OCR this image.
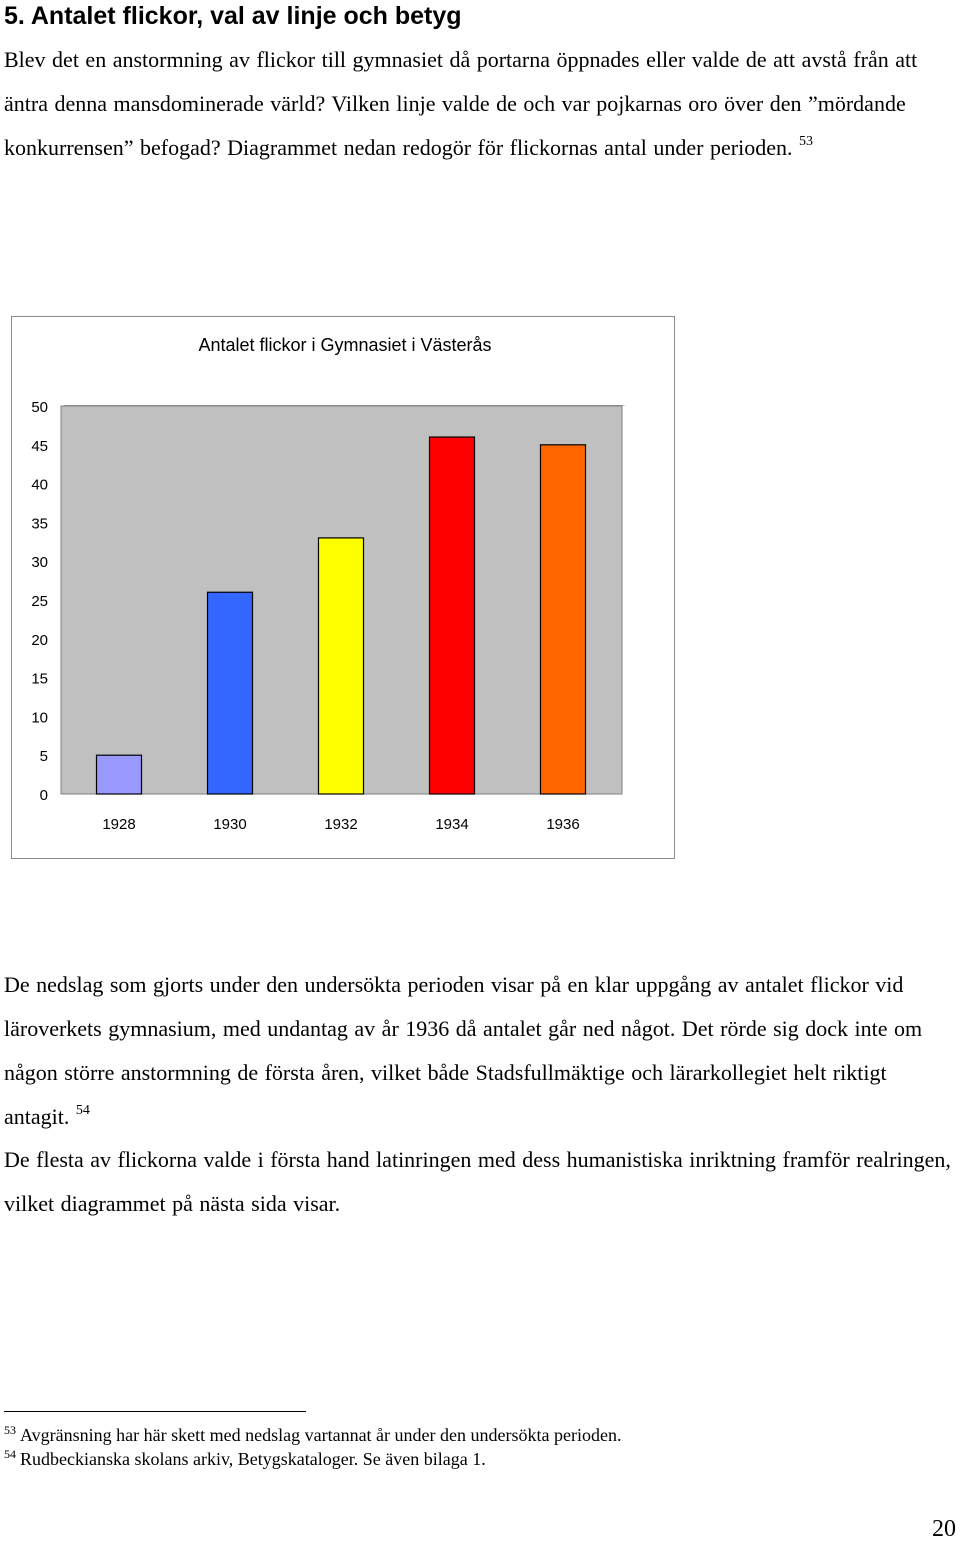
5. Antalet flickor, val av linje och betyg

Blev det en anstormning av flickor till gymnasiet då portarna öppnades eller valde de att avstå från att äntra denna mansdominerade värld? Vilken linje valde de och var pojkarnas oro över den ”mördande konkurrensen” befogad? Diagrammet nedan redogör för flickornas antal under perioden. $^{53}$

Antalet flickor i Gymnasiet i Västerås
0
5
10
15
20
25
30
35
40
45
50
1928	1930	1932	1934	1936

De nedslag som gjorts under den undersökta perioden visar på en klar uppgång av antalet flickor vid läroverkets gymnasium, med undantag av år 1936 då antalet går ned något. Det rörde sig dock inte om någon större anstormning de första åren, vilket både Stadsfullmäktige och lärarkollegiet helt riktigt antagit. $^{54}$

De flesta av flickorna valde i första hand latinringen med dess humanistiska inriktning framför realringen, vilket diagrammet på nästa sida visar.

$^{53}$ Avgränsning har här skett med nedslag vartannat år under den undersökta perioden.

$^{54}$ Rudbeckianska skolans arkiv, Betygskataloger. Se även bilaga 1.

20
